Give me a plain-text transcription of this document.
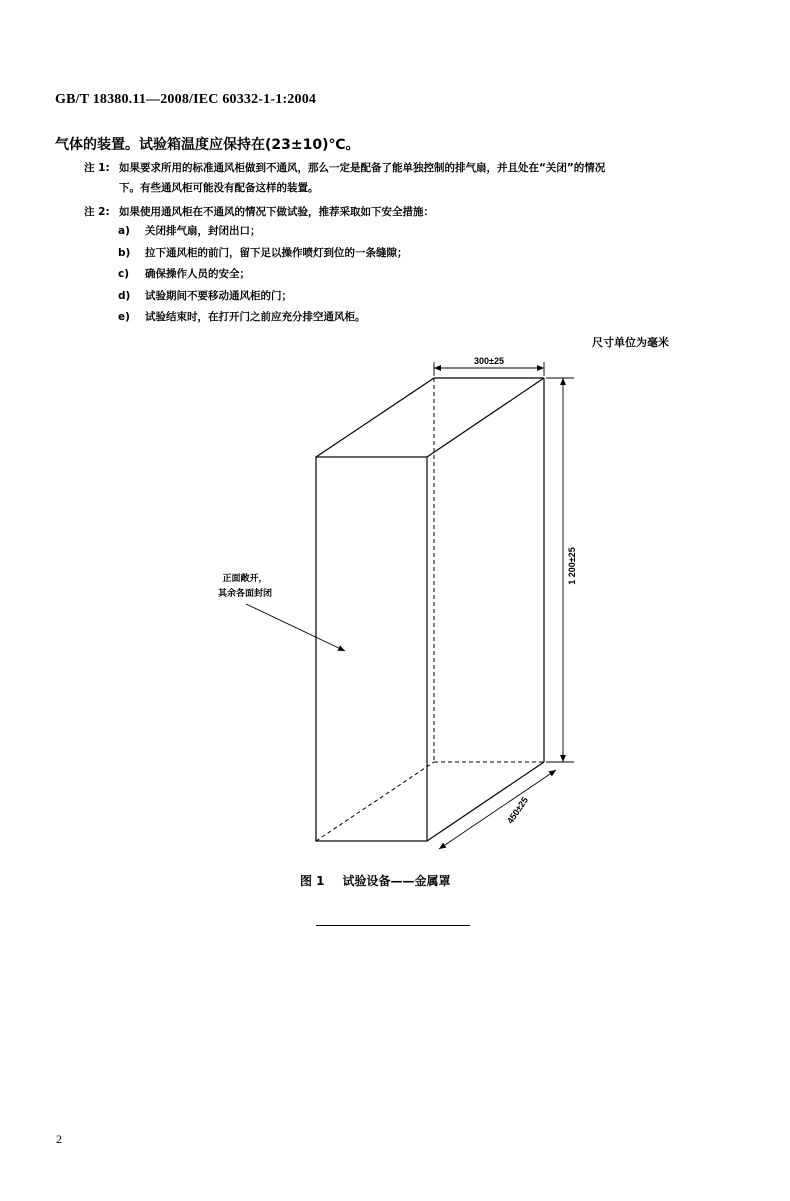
GB/T 18380.11—2008/IEC 60332-1-1:2004
气体的装置。试验箱温度应保持在(23±10)℃。
注 1: 如果要求所用的标准通风柜做到不通风，那么一定是配备了能单独控制的排气扇，并且处在“关闭”的情况
下。有些通风柜可能没有配备这样的装置。
注 2: 如果使用通风柜在不通风的情况下做试验，推荐采取如下安全措施：
a) 关闭排气扇，封闭出口；
b) 拉下通风柜的前门，留下足以操作喷灯到位的一条缝隙；
c) 确保操作人员的安全；
d) 试验期间不要移动通风柜的门；
e) 试验结束时，在打开门之前应充分排空通风柜。
尺寸单位为毫米
300±25
1 200±25
450±25
正面敞开，
其余各面封闭
图 1 试验设备——金属罩
2
